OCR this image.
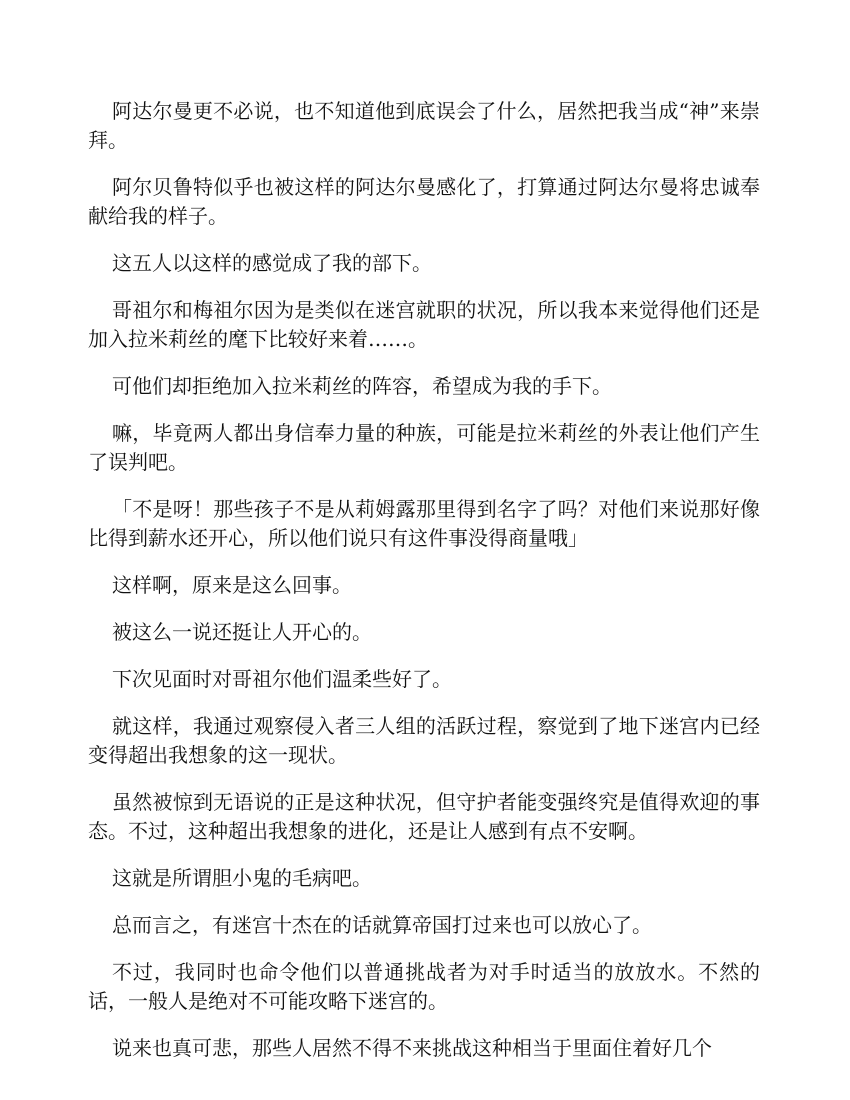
阿达尔曼更不必说，也不知道他到底误会了什么，居然把我当成“神”来崇拜。

阿尔贝鲁特似乎也被这样的阿达尔曼感化了，打算通过阿达尔曼将忠诚奉献给我的样子。

这五人以这样的感觉成了我的部下。

哥祖尔和梅祖尔因为是类似在迷宫就职的状况，所以我本来觉得他们还是加入拉米莉丝的麾下比较好来着……。

可他们却拒绝加入拉米莉丝的阵容，希望成为我的手下。

嘛，毕竟两人都出身信奉力量的种族，可能是拉米莉丝的外表让他们产生了误判吧。

「不是呀！那些孩子不是从莉姆露那里得到名字了吗？对他们来说那好像比得到薪水还开心，所以他们说只有这件事没得商量哦」

这样啊，原来是这么回事。

被这么一说还挺让人开心的。

下次见面时对哥祖尔他们温柔些好了。

就这样，我通过观察侵入者三人组的活跃过程，察觉到了地下迷宫内已经变得超出我想象的这一现状。

虽然被惊到无语说的正是这种状况，但守护者能变强终究是值得欢迎的事态。不过，这种超出我想象的进化，还是让人感到有点不安啊。

这就是所谓胆小鬼的毛病吧。

总而言之，有迷宫十杰在的话就算帝国打过来也可以放心了。

不过，我同时也命令他们以普通挑战者为对手时适当的放放水。不然的话，一般人是绝对不可能攻略下迷宫的。

说来也真可悲，那些人居然不得不来挑战这种相当于里面住着好几个
